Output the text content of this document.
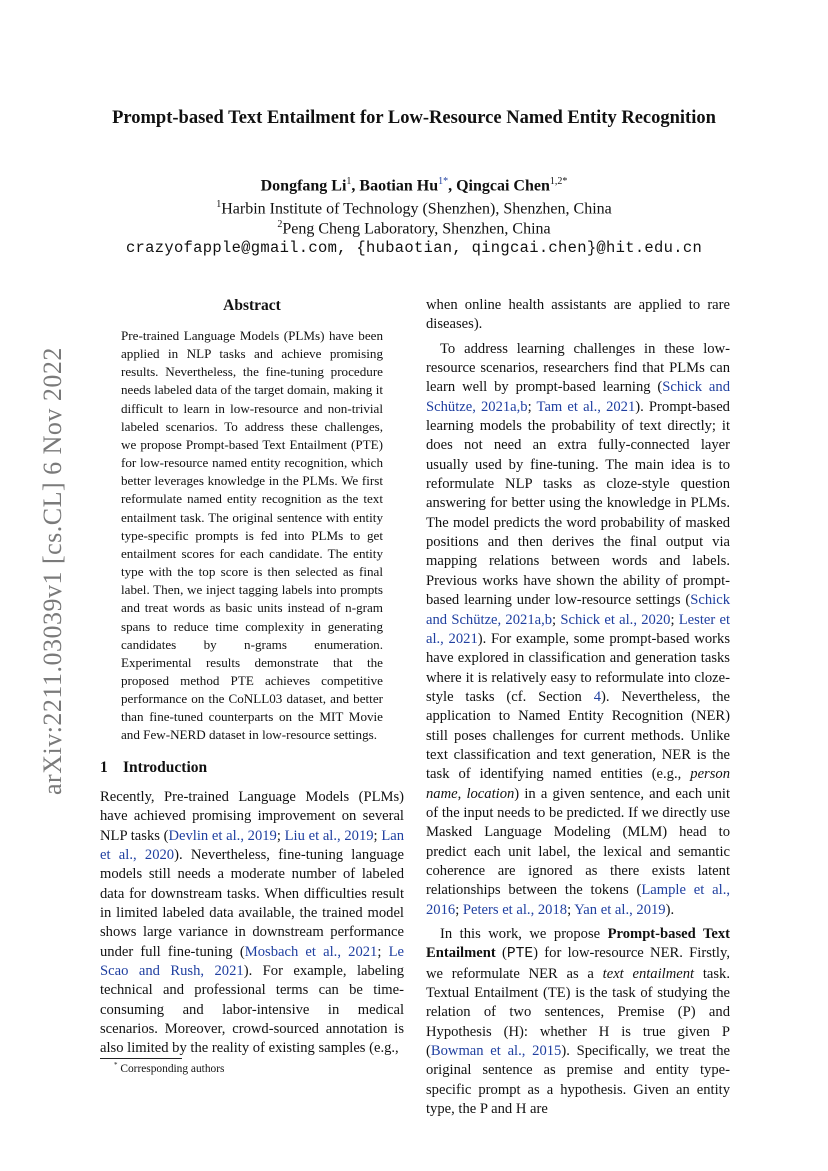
arXiv:2211.03039v1 [cs.CL] 6 Nov 2022
Prompt-based Text Entailment for Low-Resource Named Entity Recognition
Dongfang Li$^1$, Baotian $Hu^{1*}$, Qingcai Chen$^{1,2*}$
$^1$Harbin Institute of Technology (Shenzhen), Shenzhen, China
$^2$Peng Cheng Laboratory, Shenzhen, China
crazyofapple@gmail.com, {hubaotian, qingcai.chen}@hit.edu.cn
Abstract
Pre-trained Language Models (PLMs) have been applied in NLP tasks and achieve promising results. Nevertheless, the fine-tuning procedure needs labeled data of the target domain, making it difficult to learn in low-resource and non-trivial labeled scenarios. To address these challenges, we propose Prompt-based Text Entailment (PTE) for low-resource named entity recognition, which better leverages knowledge in the PLMs. We first reformulate named entity recognition as the text entailment task. The original sentence with entity type-specific prompts is fed into PLMs to get entailment scores for each candidate. The entity type with the top score is then selected as final label. Then, we inject tagging labels into prompts and treat words as basic units instead of n-gram spans to reduce time complexity in generating candidates by n-grams enumeration. Experimental results demonstrate that the proposed method PTE achieves competitive performance on the CoNLL03 dataset, and better than fine-tuned counterparts on the MIT Movie and Few-NERD dataset in low-resource settings.
1 Introduction
Recently, Pre-trained Language Models (PLMs) have achieved promising improvement on several NLP tasks (Devlin et al., 2019; Liu et al., 2019; Lan et al., 2020). Nevertheless, fine-tuning language models still needs a moderate number of labeled data for downstream tasks. When difficulties result in limited labeled data available, the trained model shows large variance in downstream performance under full fine-tuning (Mosbach et al., 2021; Le Scao and Rush, 2021). For example, labeling technical and professional terms can be time-consuming and labor-intensive in medical scenarios. Moreover, crowd-sourced annotation is also limited by the reality of existing samples (e.g.,

when online health assistants are applied to rare diseases).

To address learning challenges in these low-resource scenarios, researchers find that PLMs can learn well by prompt-based learning (Schick and Schütze, 2021a,b; Tam et al., 2021). Prompt-based learning models the probability of text directly; it does not need an extra fully-connected layer usually used by fine-tuning. The main idea is to reformulate NLP tasks as cloze-style question answering for better using the knowledge in PLMs. The model predicts the word probability of masked positions and then derives the final output via mapping relations between words and labels. Previous works have shown the ability of prompt-based learning under low-resource settings (Schick and Schütze, 2021a,b; Schick et al., 2020; Lester et al., 2021). For example, some prompt-based works have explored in classification and generation tasks where it is relatively easy to reformulate into cloze-style tasks (cf. Section 4). Nevertheless, the application to Named Entity Recognition (NER) still poses challenges for current methods. Unlike text classification and text generation, NER is the task of identifying named entities (e.g., person name, location) in a given sentence, and each unit of the input needs to be predicted. If we directly use Masked Language Modeling (MLM) head to predict each unit label, the lexical and semantic coherence are ignored as there exists latent relationships between the tokens (Lample et al., 2016; Peters et al., 2018; Yan et al., 2019).

In this work, we propose Prompt-based Text Entailment (PTE) for low-resource NER. Firstly, we reformulate NER as a text entailment task. Textual Entailment (TE) is the task of studying the relation of two sentences, Premise (P) and Hypothesis (H): whether H is true given P (Bowman et al., 2015). Specifically, we treat the original sentence as premise and entity type-specific prompt as a hypothesis. Given an entity type, the P and H are

* Corresponding authors
